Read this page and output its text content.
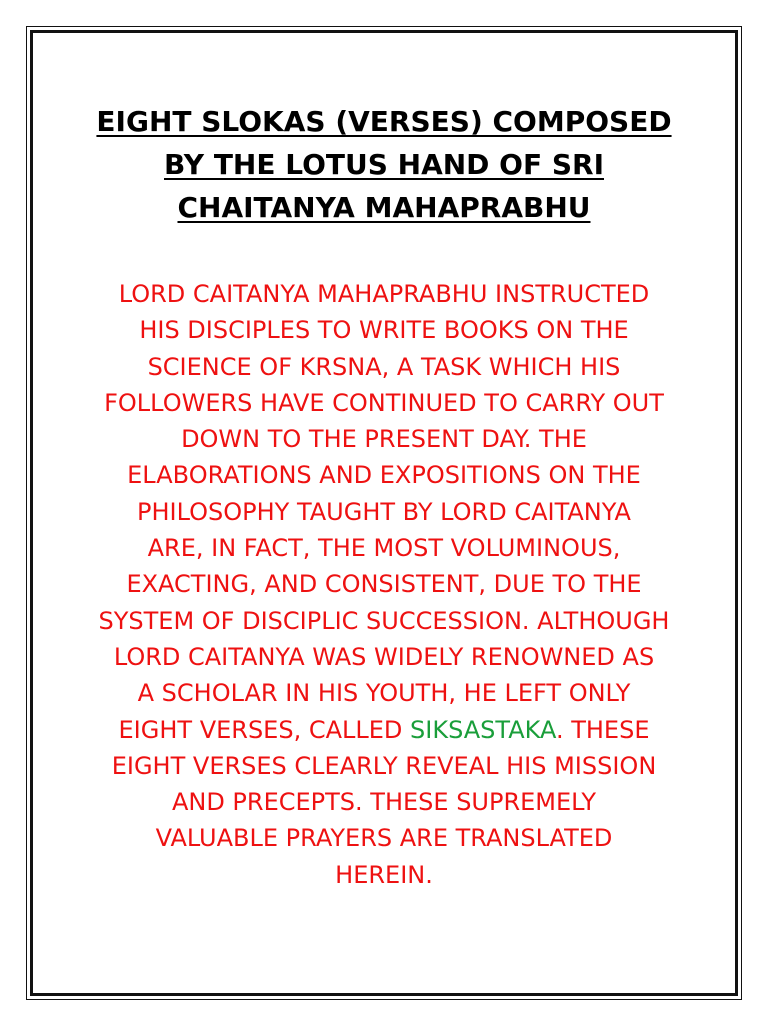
EIGHT SLOKAS (VERSES) COMPOSED
BY THE LOTUS HAND OF SRI
CHAITANYA MAHAPRABHU

LORD CAITANYA MAHAPRABHU INSTRUCTED
HIS DISCIPLES TO WRITE BOOKS ON THE
SCIENCE OF KRSNA, A TASK WHICH HIS
FOLLOWERS HAVE CONTINUED TO CARRY OUT
DOWN TO THE PRESENT DAY. THE
ELABORATIONS AND EXPOSITIONS ON THE
PHILOSOPHY TAUGHT BY LORD CAITANYA
ARE, IN FACT, THE MOST VOLUMINOUS,
EXACTING, AND CONSISTENT, DUE TO THE
SYSTEM OF DISCIPLIC SUCCESSION. ALTHOUGH
LORD CAITANYA WAS WIDELY RENOWNED AS
A SCHOLAR IN HIS YOUTH, HE LEFT ONLY
EIGHT VERSES, CALLED SIKSASTAKA. THESE
EIGHT VERSES CLEARLY REVEAL HIS MISSION
AND PRECEPTS. THESE SUPREMELY
VALUABLE PRAYERS ARE TRANSLATED
HEREIN.
